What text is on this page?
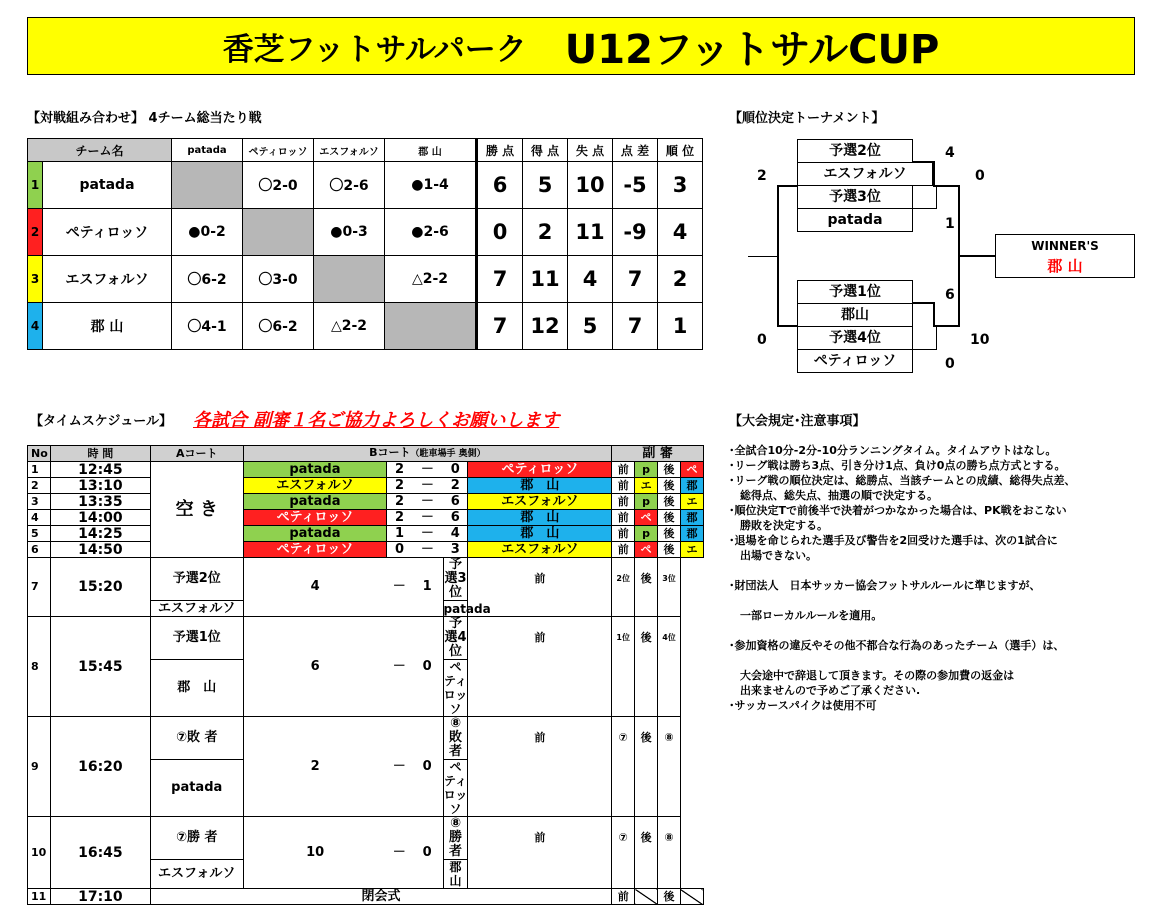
香芝フットサルパーク U12フットサルCUP
【対戦組み合わせ】 4チーム総当たり戦	【順位決定トーナメント】
【タイムスケジュール】 各試合 副審１名ご協力よろしくお願いします	【大会規定･注意事項】
チーム名		patada	ペティロッソ	エスフォルソ	郡 山	勝 点	得 点	失 点	点 差	順 位
1	patada		〇2-0	〇2-6	●1-4	6	5	10	-5	3
2	ペティロッソ	●0-2		●0-3	●2-6	0	2	11	-9	4
3	エスフォルソ	〇6-2	〇3-0		△2-2	7	11	4	7	2
4	郡 山	〇4-1	〇6-2	△2-2		7	12	5	7	1
予選2位
エスフォルソ
予選3位
patada
予選1位
郡山
予選4位
ペティロッソ
WINNER'S
郡 山
2
4
0
1
0
6
10
0
No	時 間	Aコート	Bコート（駐車場手 奥側）					副 審			
1	12:45	空 き	patada	2	－	0	ペティロッソ	前	p	後	ペ
2	13:10		エスフォルソ	2	－	2	郡　山	前	エ	後	郡
3	13:35		patada	2	－	6	エスフォルソ	前	p	後	エ
4	14:00		ペティロッソ	2	－	6	郡　山	前	ペ	後	郡
5	14:25		patada	1	－	4	郡　山	前	p	後	郡
6	14:50		ペティロッソ	0	－	3	エスフォルソ	前	ペ	後	エ
7	15:20	予選2位	4	－	1	予選3位	前	2位	後	3位	
		エスフォルソ				patada					
8	15:45	予選1位	6	－	0	予選4位	前	1位	後	4位	
		郡　山				ペティロッソ					
9	16:20	⑦敗 者	2	－	0	⑧敗 者	前	⑦	後	⑧	
		patada				ペティロッソ					
10	16:45	⑦勝 者	10	－	0	⑧勝 者	前	⑦	後	⑧	
		エスフォルソ				郡　山					
11	17:10	閉会式						前		後	
･全試合10分-2分-10分ランニングタイム。タイムアウトはなし。
･リーグ戦は勝ち3点、引き分け1点、負け0点の勝ち点方式とする。
･リーグ戦の順位決定は、総勝点、当該チームとの成績、総得失点差、
　総得点、総失点、抽選の順で決定する。
･順位決定Tで前後半で決着がつかなかった場合は、PK戦をおこない
　勝敗を決定する。
･退場を命じられた選手及び警告を2回受けた選手は、次の1試合に
　出場できない。

･財団法人　日本サッカー協会フットサルルールに準じますが、

　一部ローカルルールを適用。

･参加資格の違反やその他不都合な行為のあったチーム（選手）は、

　大会途中で辞退して頂きます。その際の参加費の返金は
　出来ませんので予めご了承ください.
･サッカースパイクは使用不可
